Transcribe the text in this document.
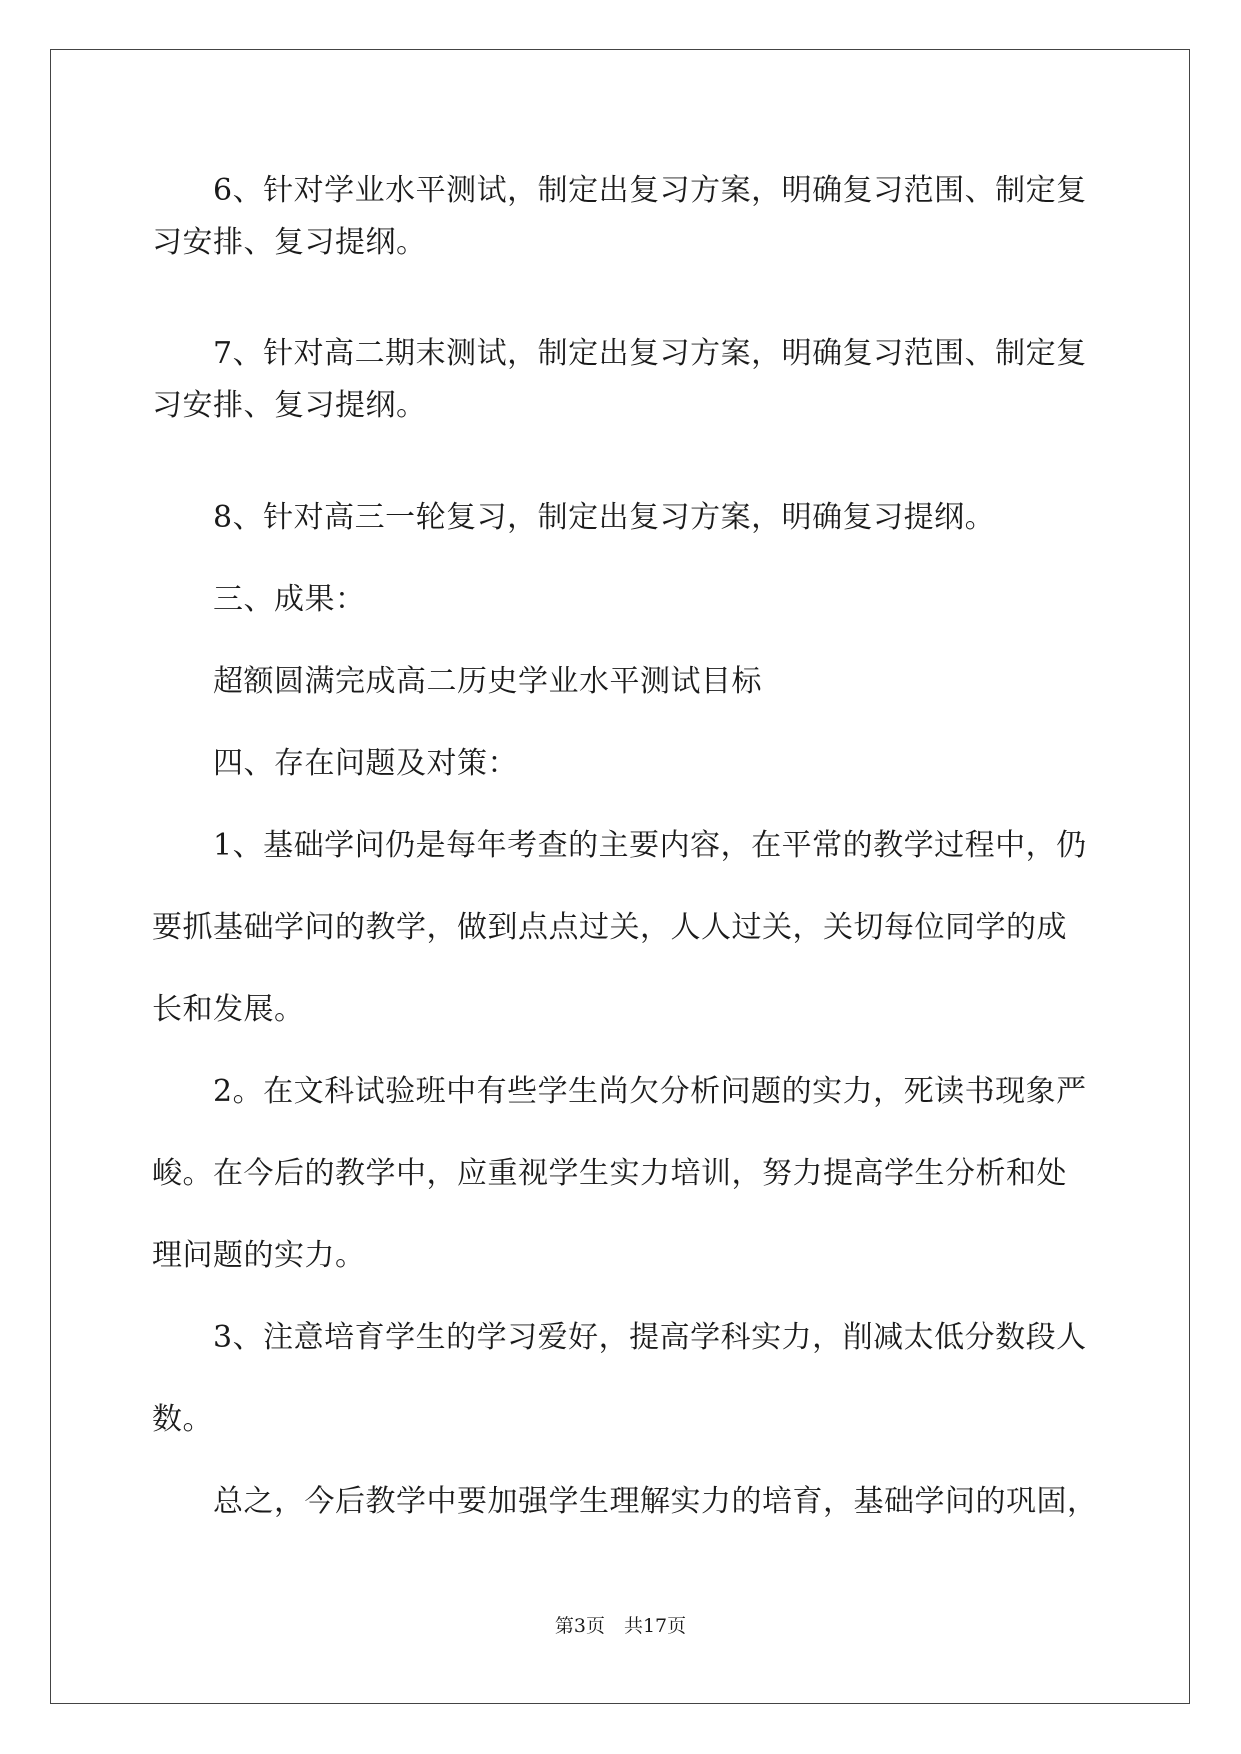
6、针对学业水平测试，制定出复习方案，明确复习范围、制定复
习安排、复习提纲。
7、针对高二期末测试，制定出复习方案，明确复习范围、制定复
习安排、复习提纲。
8、针对高三一轮复习，制定出复习方案，明确复习提纲。
三、成果：
超额圆满完成高二历史学业水平测试目标
四、存在问题及对策：
1、基础学问仍是每年考查的主要内容，在平常的教学过程中，仍
要抓基础学问的教学，做到点点过关，人人过关，关切每位同学的成
长和发展。
2。在文科试验班中有些学生尚欠分析问题的实力，死读书现象严
峻。在今后的教学中，应重视学生实力培训，努力提高学生分析和处
理问题的实力。
3、注意培育学生的学习爱好，提高学科实力，削减太低分数段人
数。
总之，今后教学中要加强学生理解实力的培育，基础学问的巩固，
第3页　共17页
